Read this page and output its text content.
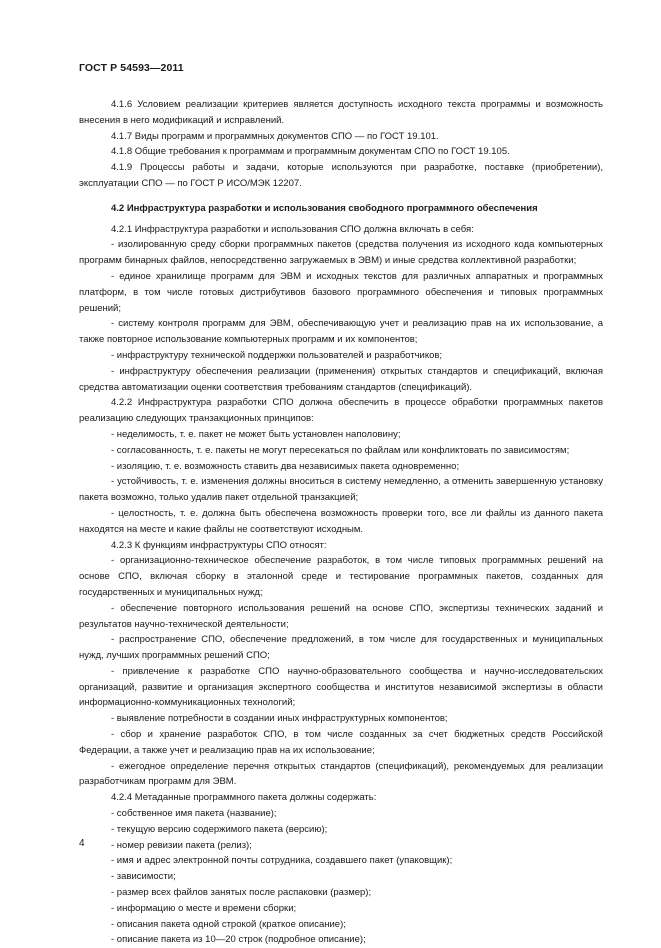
ГОСТ Р 54593—2011

4.1.6 Условием реализации критериев является доступность исходного текста программы и возможность внесения в него модификаций и исправлений.

4.1.7 Виды программ и программных документов СПО — по ГОСТ 19.101.

4.1.8 Общие требования к программам и программным документам СПО по ГОСТ 19.105.

4.1.9 Процессы работы и задачи, которые используются при разработке, поставке (приобретении), эксплуатации СПО — по ГОСТ Р ИСО/МЭК 12207.

4.2 Инфраструктура разработки и использования свободного программного обеспечения

4.2.1 Инфраструктура разработки и использования СПО должна включать в себя:

- изолированную среду сборки программных пакетов (средства получения из исходного кода компьютерных программ бинарных файлов, непосредственно загружаемых в ЭВМ) и иные средства коллективной разработки;

- единое хранилище программ для ЭВМ и исходных текстов для различных аппаратных и программных платформ, в том числе готовых дистрибутивов базового программного обеспечения и типовых программных решений;

- систему контроля программ для ЭВМ, обеспечивающую учет и реализацию прав на их использование, а также повторное использование компьютерных программ и их компонентов;

- инфраструктуру технической поддержки пользователей и разработчиков;

- инфраструктуру обеспечения реализации (применения) открытых стандартов и спецификаций, включая средства автоматизации оценки соответствия требованиям стандартов (спецификаций).

4.2.2 Инфраструктура разработки СПО должна обеспечить в процессе обработки программных пакетов реализацию следующих транзакционных принципов:

- неделимость, т. е. пакет не может быть установлен наполовину;

- согласованность, т. е. пакеты не могут пересекаться по файлам или конфликтовать по зависимостям;

- изоляцию, т. е. возможность ставить два независимых пакета одновременно;

- устойчивость, т. е. изменения должны вноситься в систему немедленно, а отменить завершенную установку пакета возможно, только удалив пакет отдельной транзакцией;

- целостность, т. е. должна быть обеспечена возможность проверки того, все ли файлы из данного пакета находятся на месте и какие файлы не соответствуют исходным.

4.2.3 К функциям инфраструктуры СПО относят:

- организационно-техническое обеспечение разработок, в том числе типовых программных решений на основе СПО, включая сборку в эталонной среде и тестирование программных пакетов, созданных для государственных и муниципальных нужд;

- обеспечение повторного использования решений на основе СПО, экспертизы технических заданий и результатов научно-технической деятельности;

- распространение СПО, обеспечение предложений, в том числе для государственных и муниципальных нужд, лучших программных решений СПО;

- привлечение к разработке СПО научно-образовательного сообщества и научно-исследовательских организаций, развитие и организация экспертного сообщества и институтов независимой экспертизы в области информационно-коммуникационных технологий;

- выявление потребности в создании иных инфраструктурных компонентов;

- сбор и хранение разработок СПО, в том числе созданных за счет бюджетных средств Российской Федерации, а также учет и реализацию прав на их использование;

- ежегодное определение перечня открытых стандартов (спецификаций), рекомендуемых для реализации разработчикам программ для ЭВМ.

4.2.4 Метаданные программного пакета должны содержать:

- собственное имя пакета (название);

- текущую версию содержимого пакета (версию);

- номер ревизии пакета (релиз);

- имя и адрес электронной почты сотрудника, создавшего пакет (упаковщик);

- зависимости;

- размер всех файлов занятых после распаковки (размер);

- информацию о месте и времени сборки;

- описания пакета одной строкой (краткое описание);

- описание пакета из 10—20 строк (подробное описание);

4
